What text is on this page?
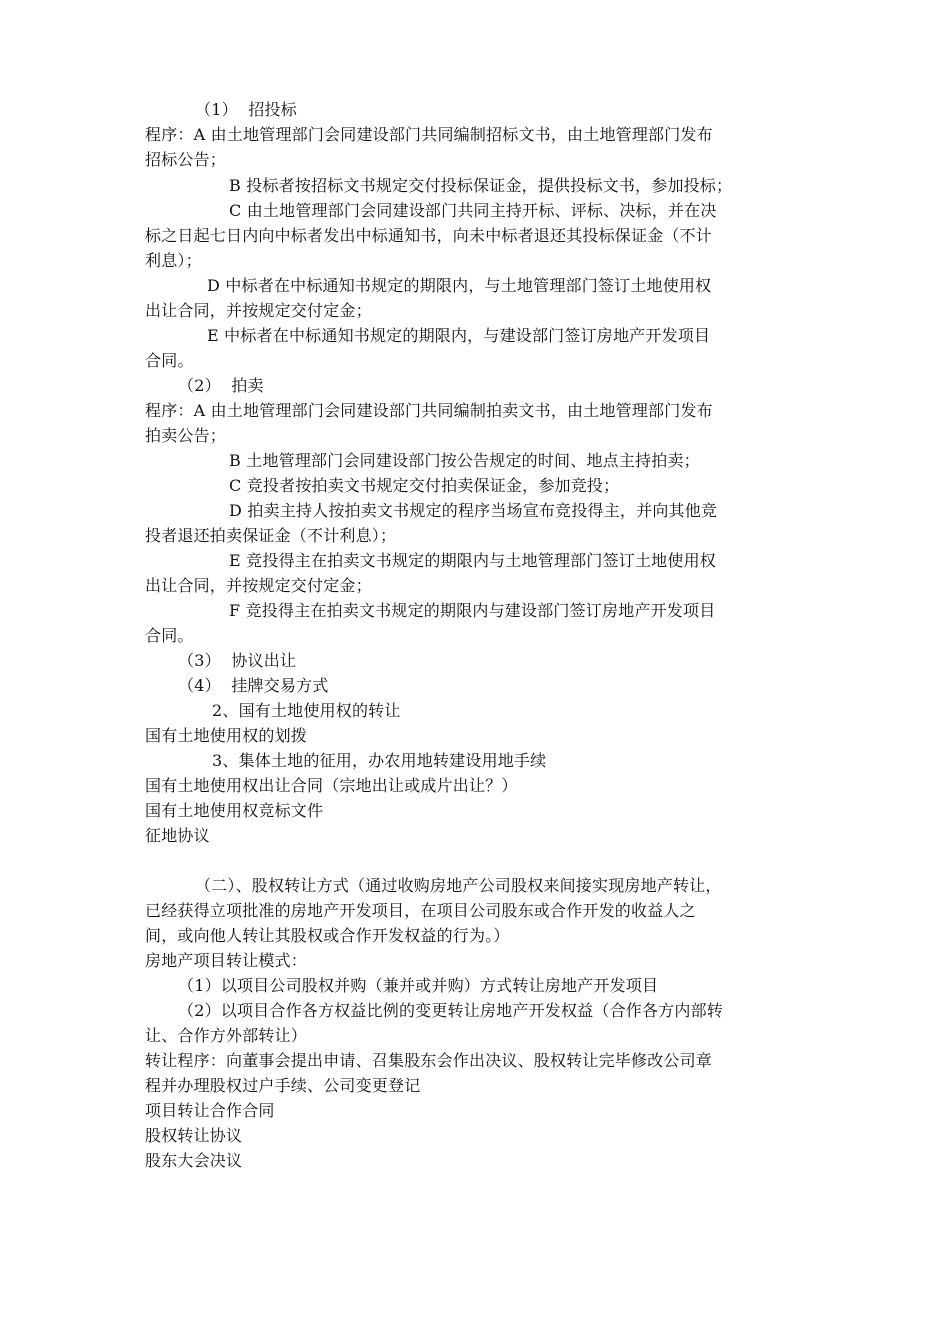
（1）  招投标
程序：A 由土地管理部门会同建设部门共同编制招标文书，由土地管理部门发布
招标公告；
B 投标者按招标文书规定交付投标保证金，提供投标文书，参加投标；
C 由土地管理部门会同建设部门共同主持开标、评标、决标，并在决
标之日起七日内向中标者发出中标通知书，向未中标者退还其投标保证金（不计
利息）；
D 中标者在中标通知书规定的期限内，与土地管理部门签订土地使用权
出让合同，并按规定交付定金；
E 中标者在中标通知书规定的期限内，与建设部门签订房地产开发项目
合同。
（2）  拍卖
程序：A 由土地管理部门会同建设部门共同编制拍卖文书，由土地管理部门发布
拍卖公告；
B 土地管理部门会同建设部门按公告规定的时间、地点主持拍卖；
C 竞投者按拍卖文书规定交付拍卖保证金，参加竞投；
D 拍卖主持人按拍卖文书规定的程序当场宣布竞投得主，并向其他竞
投者退还拍卖保证金（不计利息）；
E 竞投得主在拍卖文书规定的期限内与土地管理部门签订土地使用权
出让合同，并按规定交付定金；
F 竞投得主在拍卖文书规定的期限内与建设部门签订房地产开发项目
合同。
（3）  协议出让
（4）  挂牌交易方式
2、国有土地使用权的转让
国有土地使用权的划拨
3、集体土地的征用，办农用地转建设用地手续
国有土地使用权出让合同（宗地出让或成片出让？）
国有土地使用权竞标文件
征地协议
（二）、股权转让方式（通过收购房地产公司股权来间接实现房地产转让，
已经获得立项批准的房地产开发项目，在项目公司股东或合作开发的收益人之
间，或向他人转让其股权或合作开发权益的行为。）
房地产项目转让模式：
（1）以项目公司股权并购（兼并或并购）方式转让房地产开发项目
（2）以项目合作各方权益比例的变更转让房地产开发权益（合作各方内部转
让、合作方外部转让）
转让程序：向董事会提出申请、召集股东会作出决议、股权转让完毕修改公司章
程并办理股权过户手续、公司变更登记
项目转让合作合同
股权转让协议
股东大会决议
